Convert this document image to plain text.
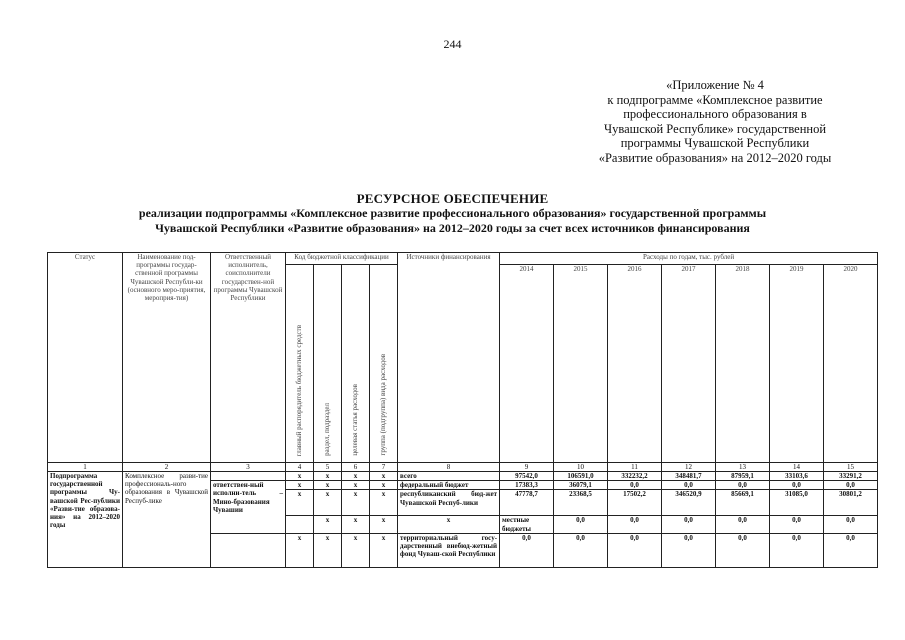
244
«Приложение № 4
к подпрограмме «Комплексное развитие
профессионального образования в
Чувашской Республике» государственной
программы Чувашской Республики
«Развитие образования» на 2012–2020 годы
РЕСУРСНОЕ ОБЕСПЕЧЕНИЕ
реализации подпрограммы «Комплексное развитие профессионального образования» государственной программы
Чувашской Республики «Развитие образования» на 2012–2020 годы за счет всех источников финансирования
Статус	Наименование под-программы государ-ственной программы Чувашской Республи-ки (основного меро-приятия, мероприя-тия)	Ответственный исполнитель, соисполнители государствен-ной программы Чувашской Республики	Код бюджетной классификации				Источники финансирования	Расходы по годам, тыс. рублей							
			главный распорядитель бюджетных средств	раздел, подраздел	целевая статья расходов	группа (подгруппа) вида расходов		2014	2015	2016	2017	2018	2019	2020	
1	2	3	4	5	6	7	8	9	10	11	12	13	14	15	
Подпрограмма государственной программы Чу-вашской Рес-публики «Разви-тие образова-ния» на 2012–2020 годы	Комплексное разви-тие профессиональ-ного образования в Чувашской Респуб-лике		x	x	x	x	всего	97542,0	106591,0	332232,2	348481,7	87959,1	33103,6	33291,2	
		ответствен-ный исполни-тель – Мино-бразования Чувашии	x	x	x	x	федеральный бюджет	17383,3	36079,1	0,0	0,0	0,0	0,0	0,0	
			x	x	x	x	республиканский бюд-жет Чувашской Респуб-лики	47778,7	23368,5	17502,2	346520,9	85669,1	31085,0	30801,2	
				x	x	x	x	местные бюджеты	0,0	0,0	0,0	0,0	0,0	0,0	
			x	x	x	x	территориальный госу-дарственный внебюд-жетный фонд Чуваш-ской Республики	0,0	0,0	0,0	0,0	0,0	0,0	0,0	
